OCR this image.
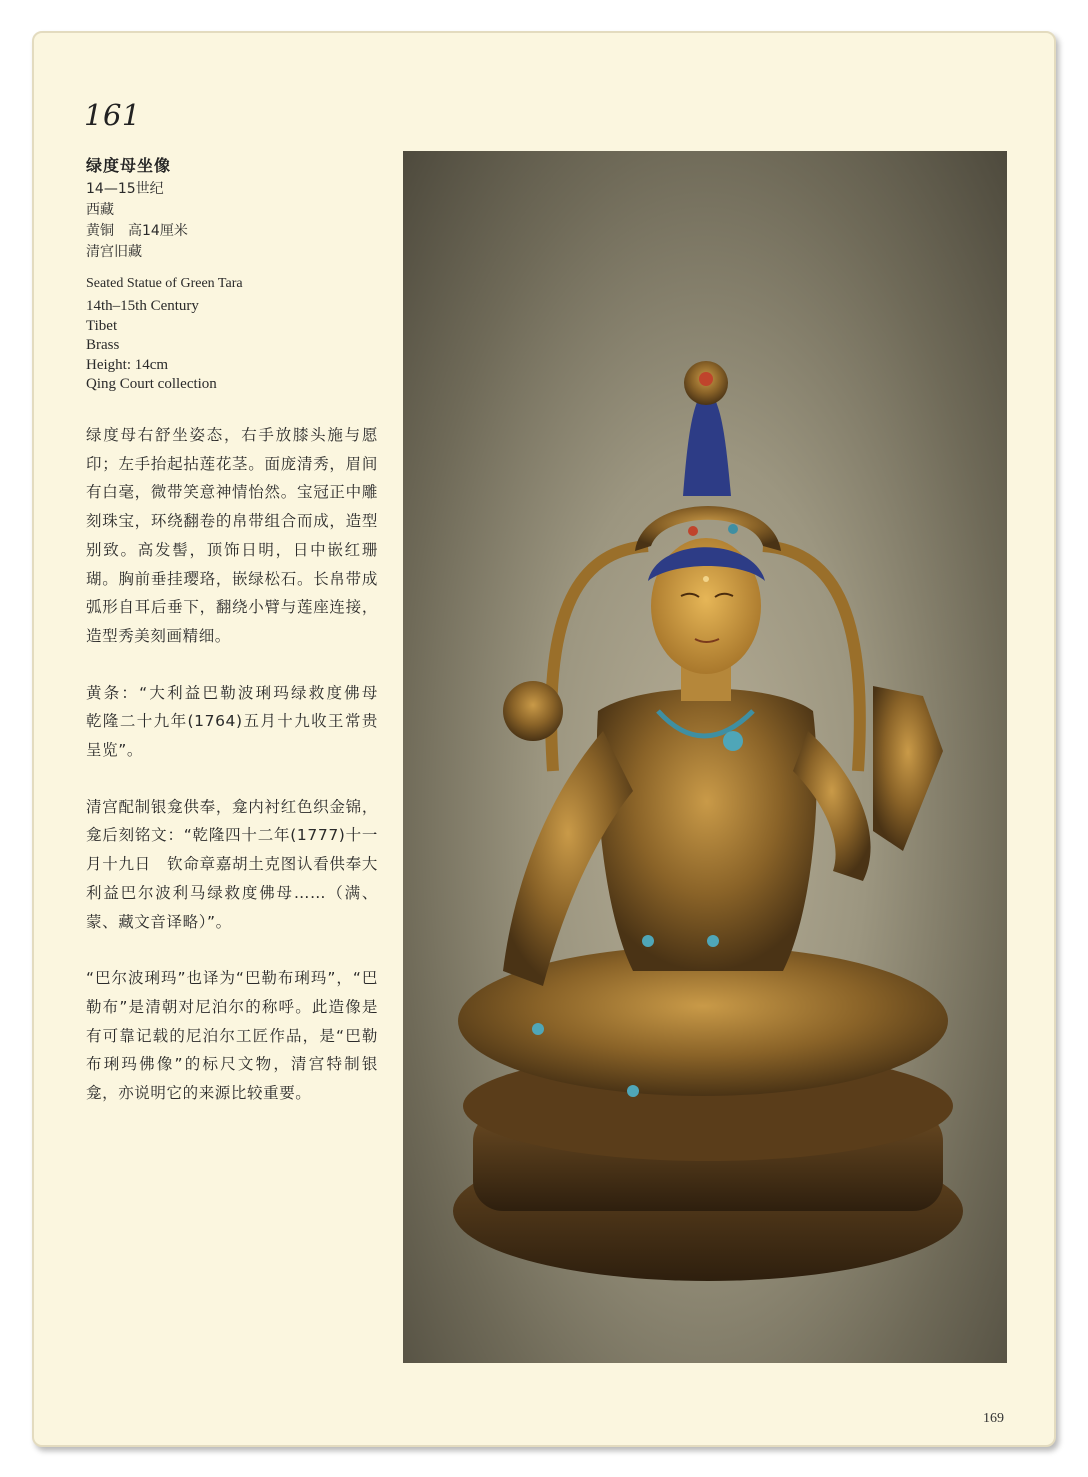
161
绿度母坐像
14—15世纪
西藏
黄铜　高14厘米
清宫旧藏
Seated Statue of Green Tara
14th–15th Century
Tibet
Brass
Height: 14cm
Qing Court collection

绿度母右舒坐姿态，右手放膝头施与愿印；左手抬起拈莲花茎。面庞清秀，眉间有白毫，微带笑意神情怡然。宝冠正中雕刻珠宝，环绕翻卷的帛带组合而成，造型别致。高发髻，顶饰日明，日中嵌红珊瑚。胸前垂挂璎珞，嵌绿松石。长帛带成弧形自耳后垂下，翻绕小臂与莲座连接，造型秀美刻画精细。

黄条：“大利益巴勒波琍玛绿救度佛母　乾隆二十九年(1764)五月十九收王常贵呈览”。

清宫配制银龛供奉，龛内衬红色织金锦，龛后刻铭文：“乾隆四十二年(1777)十一月十九日　钦命章嘉胡土克图认看供奉大利益巴尔波利马绿救度佛母……（满、蒙、藏文音译略）”。

“巴尔波琍玛”也译为“巴勒布琍玛”，“巴勒布”是清朝对尼泊尔的称呼。此造像是有可靠记载的尼泊尔工匠作品，是“巴勒布琍玛佛像”的标尺文物，清宫特制银龛，亦说明它的来源比较重要。

169
